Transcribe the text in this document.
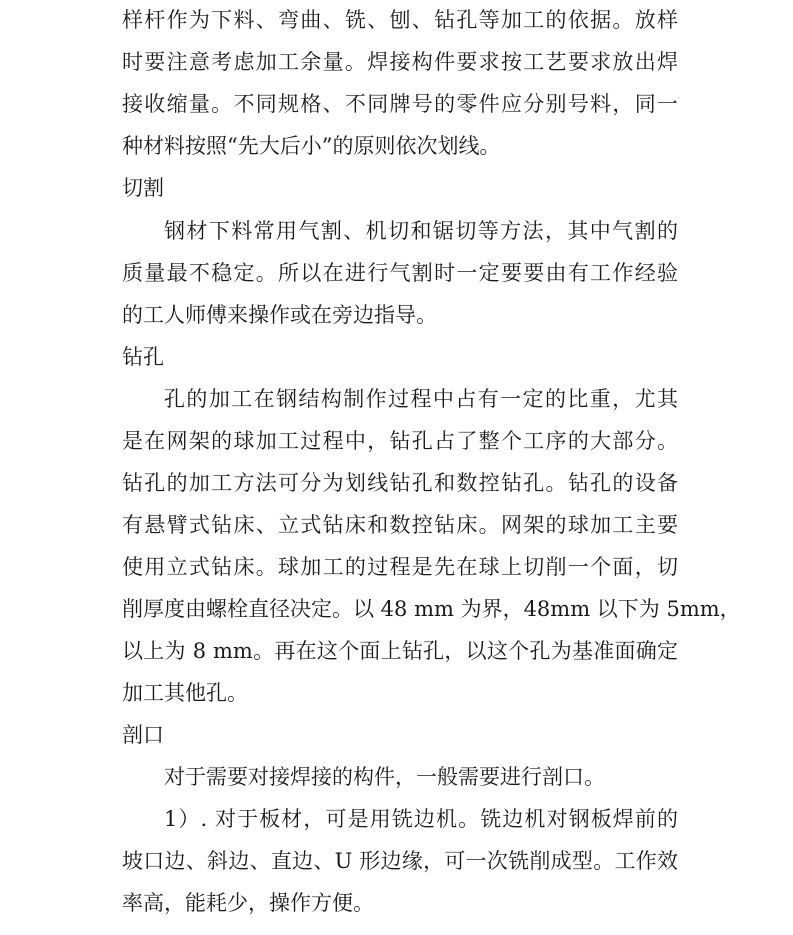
样杆作为下料、弯曲、铣、刨、钻孔等加工的依据。放样
时要注意考虑加工余量。焊接构件要求按工艺要求放出焊
接收缩量。不同规格、不同牌号的零件应分别号料，同一
种材料按照“先大后小”的原则依次划线。
切割
钢材下料常用气割、机切和锯切等方法，其中气割的
质量最不稳定。所以在进行气割时一定要要由有工作经验
的工人师傅来操作或在旁边指导。
钻孔
孔的加工在钢结构制作过程中占有一定的比重，尤其
是在网架的球加工过程中，钻孔占了整个工序的大部分。
钻孔的加工方法可分为划线钻孔和数控钻孔。钻孔的设备
有悬臂式钻床、立式钻床和数控钻床。网架的球加工主要
使用立式钻床。球加工的过程是先在球上切削一个面，切
削厚度由螺栓直径决定。以 48 mm 为界，48mm 以下为 5mm，
以上为 8 mm。再在这个面上钻孔，以这个孔为基准面确定
加工其他孔。
剖口
对于需要对接焊接的构件，一般需要进行剖口。
1）. 对于板材，可是用铣边机。铣边机对钢板焊前的
坡口边、斜边、直边、U 形边缘，可一次铣削成型。工作效
率高，能耗少，操作方便。
